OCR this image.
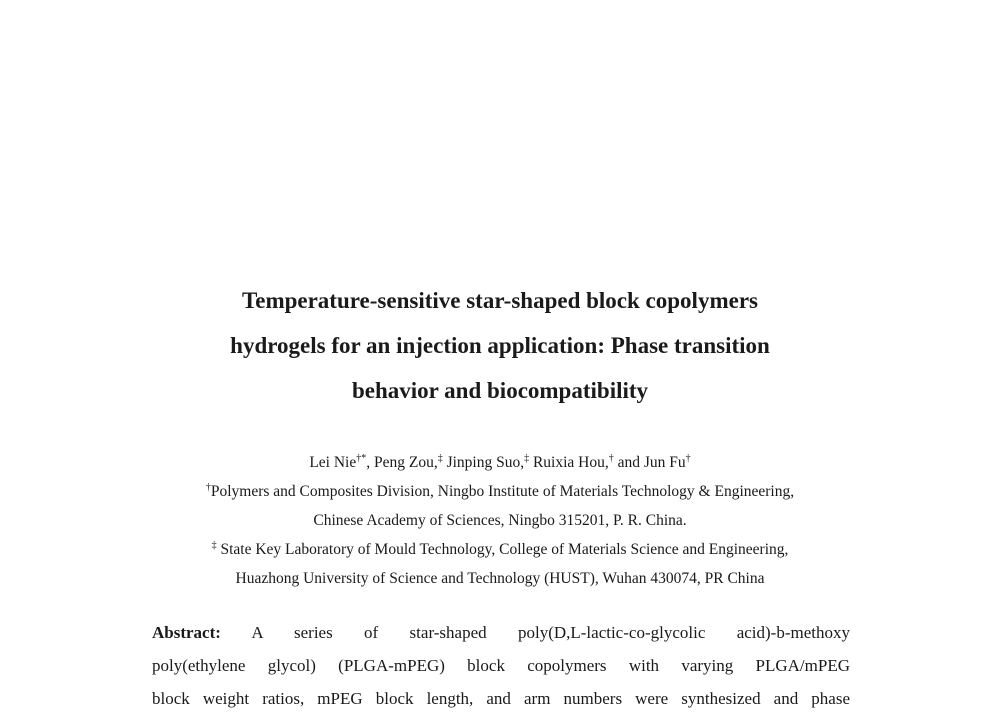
Temperature-sensitive star-shaped block copolymers
hydrogels for an injection application: Phase transition
behavior and biocompatibility
Lei Nie†*, Peng Zou,‡ Jinping Suo,‡ Ruixia Hou,† and Jun Fu†
†Polymers and Composites Division, Ningbo Institute of Materials Technology & Engineering,
Chinese Academy of Sciences, Ningbo 315201, P. R. China.
‡ State Key Laboratory of Mould Technology, College of Materials Science and Engineering,
Huazhong University of Science and Technology (HUST), Wuhan 430074, PR China
Abstract: A series of star-shaped poly(D,L-lactic-co-glycolic acid)-b-methoxy
poly(ethylene glycol) (PLGA-mPEG) block copolymers with varying PLGA/mPEG
block weight ratios, mPEG block length, and arm numbers were synthesized and phase
